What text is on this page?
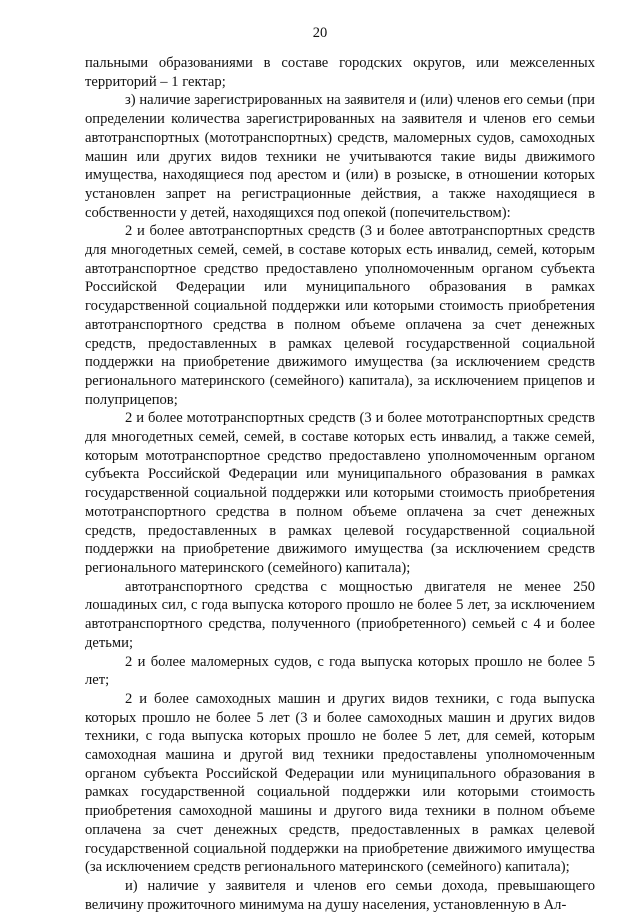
20

пальными образованиями в составе городских округов, или межселенных территорий – 1 гектар;

з) наличие зарегистрированных на заявителя и (или) членов его семьи (при определении количества зарегистрированных на заявителя и членов его семьи автотранспортных (мототранспортных) средств, маломерных судов, самоходных машин или других видов техники не учитываются такие виды движимого имущества, находящиеся под арестом и (или) в розыске, в отношении которых установлен запрет на регистрационные действия, а также находящиеся в собственности у детей, находящихся под опекой (попечительством):

2 и более автотранспортных средств (3 и более автотранспортных средств для многодетных семей, семей, в составе которых есть инвалид, семей, которым автотранспортное средство предоставлено уполномоченным органом субъекта Российской Федерации или муниципального образования в рамках государственной социальной поддержки или которыми стоимость приобретения автотранспортного средства в полном объеме оплачена за счет денежных средств, предоставленных в рамках целевой государственной социальной поддержки на приобретение движимого имущества (за исключением средств регионального материнского (семейного) капитала), за исключением прицепов и полуприцепов;

2 и более мототранспортных средств (3 и более мототранспортных средств для многодетных семей, семей, в составе которых есть инвалид, а также семей, которым мототранспортное средство предоставлено уполномоченным органом субъекта Российской Федерации или муниципального образования в рамках государственной социальной поддержки или которыми стоимость приобретения мототранспортного средства в полном объеме оплачена за счет денежных средств, предоставленных в рамках целевой государственной социальной поддержки на приобретение движимого имущества (за исключением средств регионального материнского (семейного) капитала);

автотранспортного средства с мощностью двигателя не менее 250 лошадиных сил, с года выпуска которого прошло не более 5 лет, за исключением автотранспортного средства, полученного (приобретенного) семьей с 4 и более детьми;

2 и более маломерных судов, с года выпуска которых прошло не более 5 лет;

2 и более самоходных машин и других видов техники, с года выпуска которых прошло не более 5 лет (3 и более самоходных машин и других видов техники, с года выпуска которых прошло не более 5 лет, для семей, которым самоходная машина и другой вид техники предоставлены уполномоченным органом субъекта Российской Федерации или муниципального образования в рамках государственной социальной поддержки или которыми стоимость приобретения самоходной машины и другого вида техники в полном объеме оплачена за счет денежных средств, предоставленных в рамках целевой государственной социальной поддержки на приобретение движимого имущества (за исключением средств регионального материнского (семейного) капитала);

и) наличие у заявителя и членов его семьи дохода, превышающего величину прожиточного минимума на душу населения, установленную в Ал-
